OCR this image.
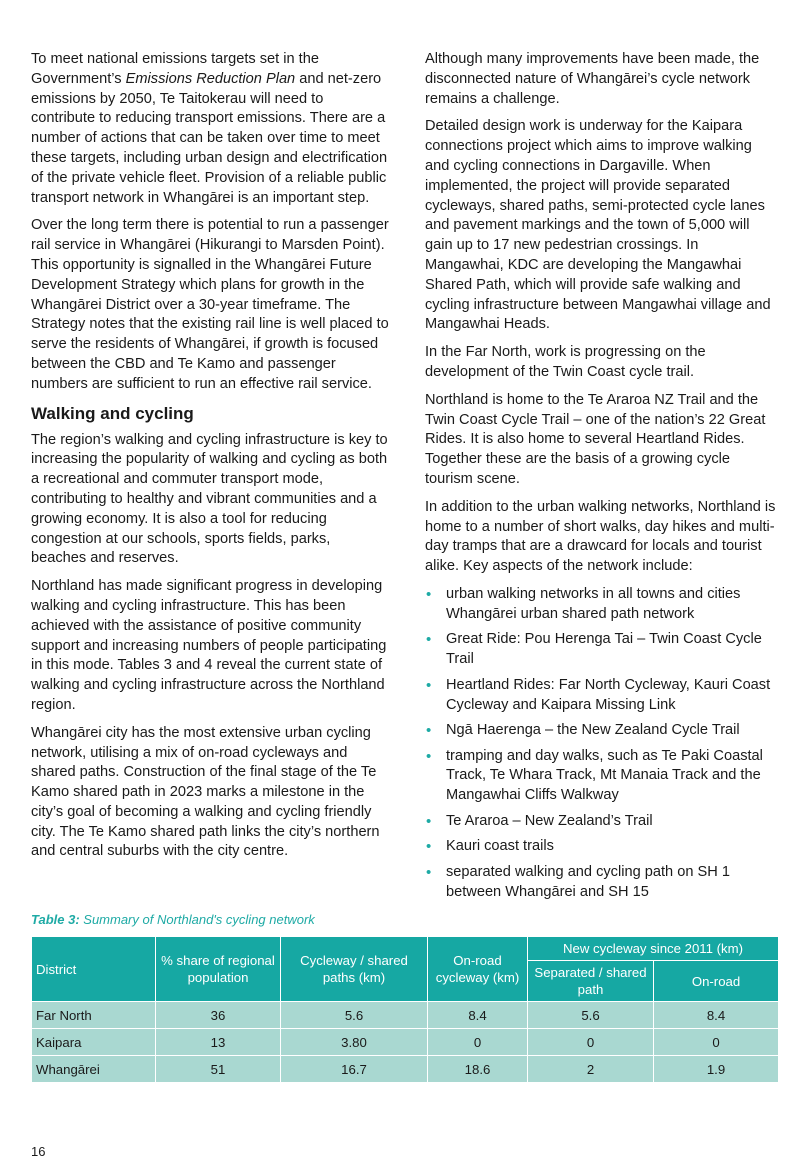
To meet national emissions targets set in the Government’s Emissions Reduction Plan and net-zero emissions by 2050, Te Taitokerau will need to contribute to reducing transport emissions. There are a number of actions that can be taken over time to meet these targets, including urban design and electrification of the private vehicle fleet. Provision of a reliable public transport network in Whangārei is an important step.

Over the long term there is potential to run a passenger rail service in Whangārei (Hikurangi to Marsden Point). This opportunity is signalled in the Whangārei Future Development Strategy which plans for growth in the Whangārei District over a 30-year timeframe. The Strategy notes that the existing rail line is well placed to serve the residents of Whangārei, if growth is focused between the CBD and Te Kamo and passenger numbers are sufficient to run an effective rail service.

Walking and cycling

The region’s walking and cycling infrastructure is key to increasing the popularity of walking and cycling as both a recreational and commuter transport mode, contributing to healthy and vibrant communities and a growing economy. It is also a tool for reducing congestion at our schools, sports fields, parks, beaches and reserves.

Northland has made significant progress in developing walking and cycling infrastructure. This has been achieved with the assistance of positive community support and increasing numbers of people participating in this mode. Tables 3 and 4 reveal the current state of walking and cycling infrastructure across the Northland region.

Whangārei city has the most extensive urban cycling network, utilising a mix of on-road cycleways and shared paths. Construction of the final stage of the Te Kamo shared path in 2023 marks a milestone in the city’s goal of becoming a walking and cycling friendly city. The Te Kamo shared path links the city’s northern and central suburbs with the city centre.

Although many improvements have been made, the disconnected nature of Whangārei’s cycle network remains a challenge.

Detailed design work is underway for the Kaipara connections project which aims to improve walking and cycling connections in Dargaville. When implemented, the project will provide separated cycleways, shared paths, semi-protected cycle lanes and pavement markings and the town of 5,000 will gain up to 17 new pedestrian crossings. In Mangawhai, KDC are developing the Mangawhai Shared Path, which will provide safe walking and cycling infrastructure between Mangawhai village and Mangawhai Heads.

In the Far North, work is progressing on the development of the Twin Coast cycle trail.

Northland is home to the Te Araroa NZ Trail and the Twin Coast Cycle Trail – one of the nation’s 22 Great Rides. It is also home to several Heartland Rides. Together these are the basis of a growing cycle tourism scene.

In addition to the urban walking networks, Northland is home to a number of short walks, day hikes and multi-day tramps that are a drawcard for locals and tourist alike. Key aspects of the network include:

• urban walking networks in all towns and cities Whangārei urban shared path network
• Great Ride: Pou Herenga Tai – Twin Coast Cycle Trail
• Heartland Rides: Far North Cycleway, Kauri Coast Cycleway and Kaipara Missing Link
• Ngā Haerenga – the New Zealand Cycle Trail
• tramping and day walks, such as Te Paki Coastal Track, Te Whara Track, Mt Manaia Track and the Mangawhai Cliffs Walkway
• Te Araroa – New Zealand’s Trail
• Kauri coast trails
• separated walking and cycling path on SH 1 between Whangārei and SH 15
Table 3: Summary of Northland's cycling network
District	% share of regional population	Cycleway / shared paths (km)	On-road cycleway (km)	New cycleway since 2011 (km)	
				Separated / shared path	On-road
Far North	36	5.6	8.4	5.6	8.4
Kaipara	13	3.80	0	0	0
Whangārei	51	16.7	18.6	2	1.9
16
